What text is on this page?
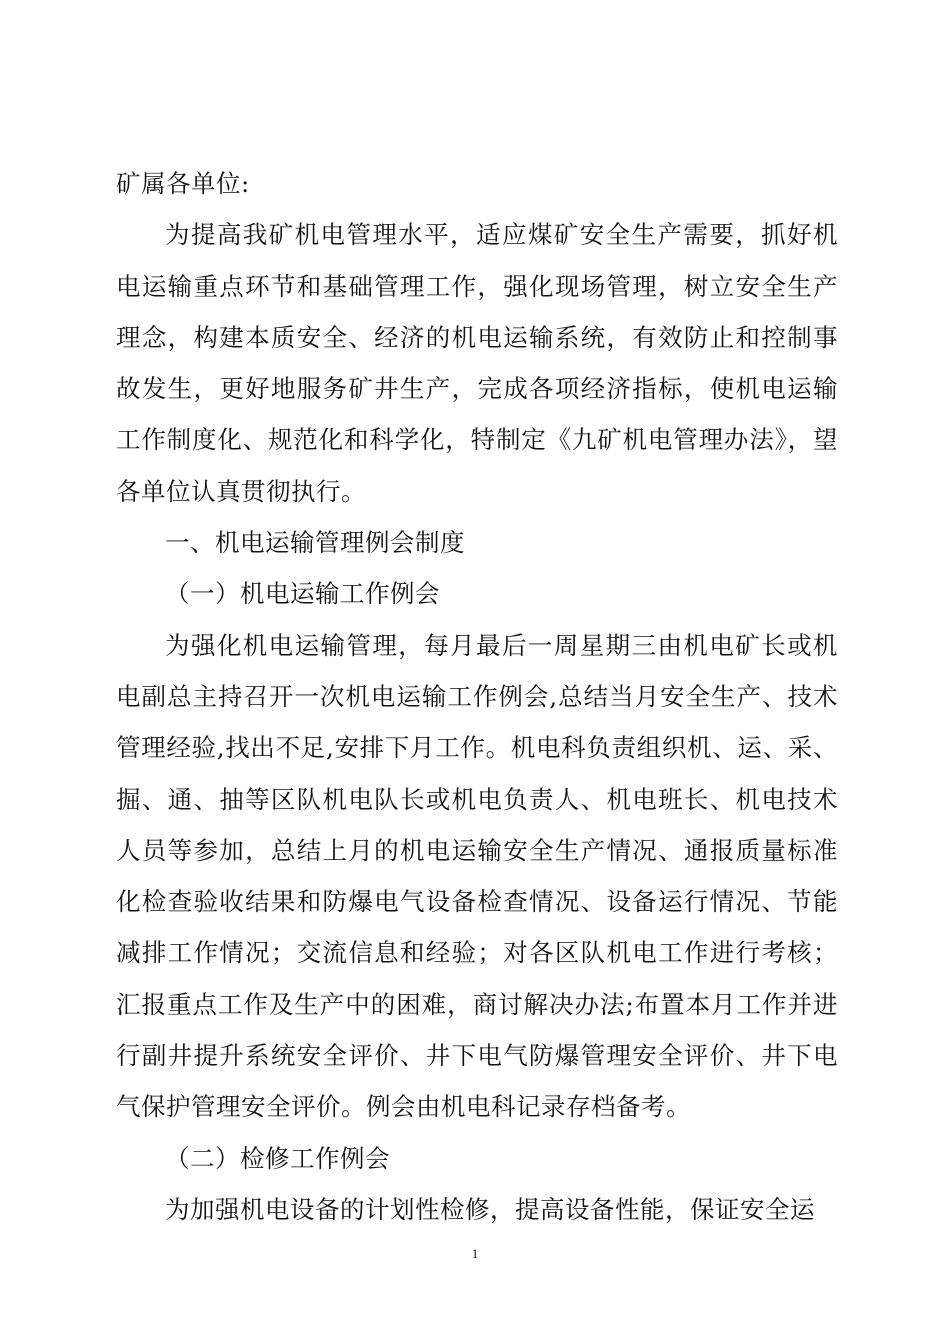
矿属各单位:

为提高我矿机电管理水平，适应煤矿安全生产需要，抓好机电运输重点环节和基础管理工作，强化现场管理，树立安全生产理念，构建本质安全、经济的机电运输系统，有效防止和控制事故发生，更好地服务矿井生产，完成各项经济指标，使机电运输工作制度化、规范化和科学化，特制定《九矿机电管理办法》，望各单位认真贯彻执行。

一、机电运输管理例会制度

（一）机电运输工作例会

为强化机电运输管理，每月最后一周星期三由机电矿长或机电副总主持召开一次机电运输工作例会,总结当月安全生产、技术管理经验,找出不足,安排下月工作。机电科负责组织机、运、采、掘、通、抽等区队机电队长或机电负责人、机电班长、机电技术人员等参加，总结上月的机电运输安全生产情况、通报质量标准化检查验收结果和防爆电气设备检查情况、设备运行情况、节能减排工作情况；交流信息和经验；对各区队机电工作进行考核；汇报重点工作及生产中的困难，商讨解决办法;布置本月工作并进行副井提升系统安全评价、井下电气防爆管理安全评价、井下电气保护管理安全评价。例会由机电科记录存档备考。

（二）检修工作例会

为加强机电设备的计划性检修，提高设备性能，保证安全运

1
